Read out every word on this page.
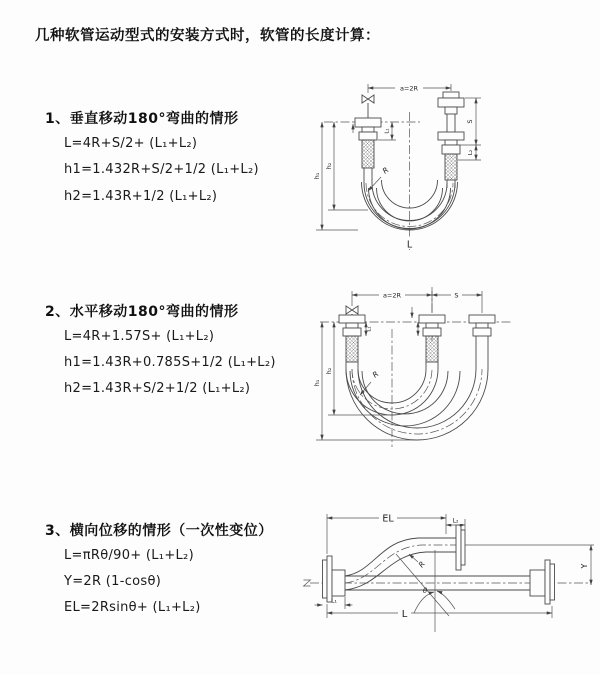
几种软管运动型式的安装方式时，软管的长度计算：
1、垂直移动180°弯曲的情形
L=4R+S/2+ (L₁+L₂)
h1=1.432R+S/2+1/2 (L₁+L₂)
h2=1.43R+1/2 (L₁+L₂)
2、水平移动180°弯曲的情形
L=4R+1.57S+ (L₁+L₂)
h1=1.43R+0.785S+1/2 (L₁+L₂)
h2=1.43R+S/2+1/2 (L₁+L₂)
3、横向位移的情形（一次性变位）
L=πRθ/90+ (L₁+L₂)
Y=2R (1-cosθ)
EL=2Rsinθ+ (L₁+L₂)
a=2R
h₁
h₂
L₁
S
L₂
R
L
a=2R	S
h₁
h₂
L₁
R
EL	L₂
Y
θ
R
L
L₁
